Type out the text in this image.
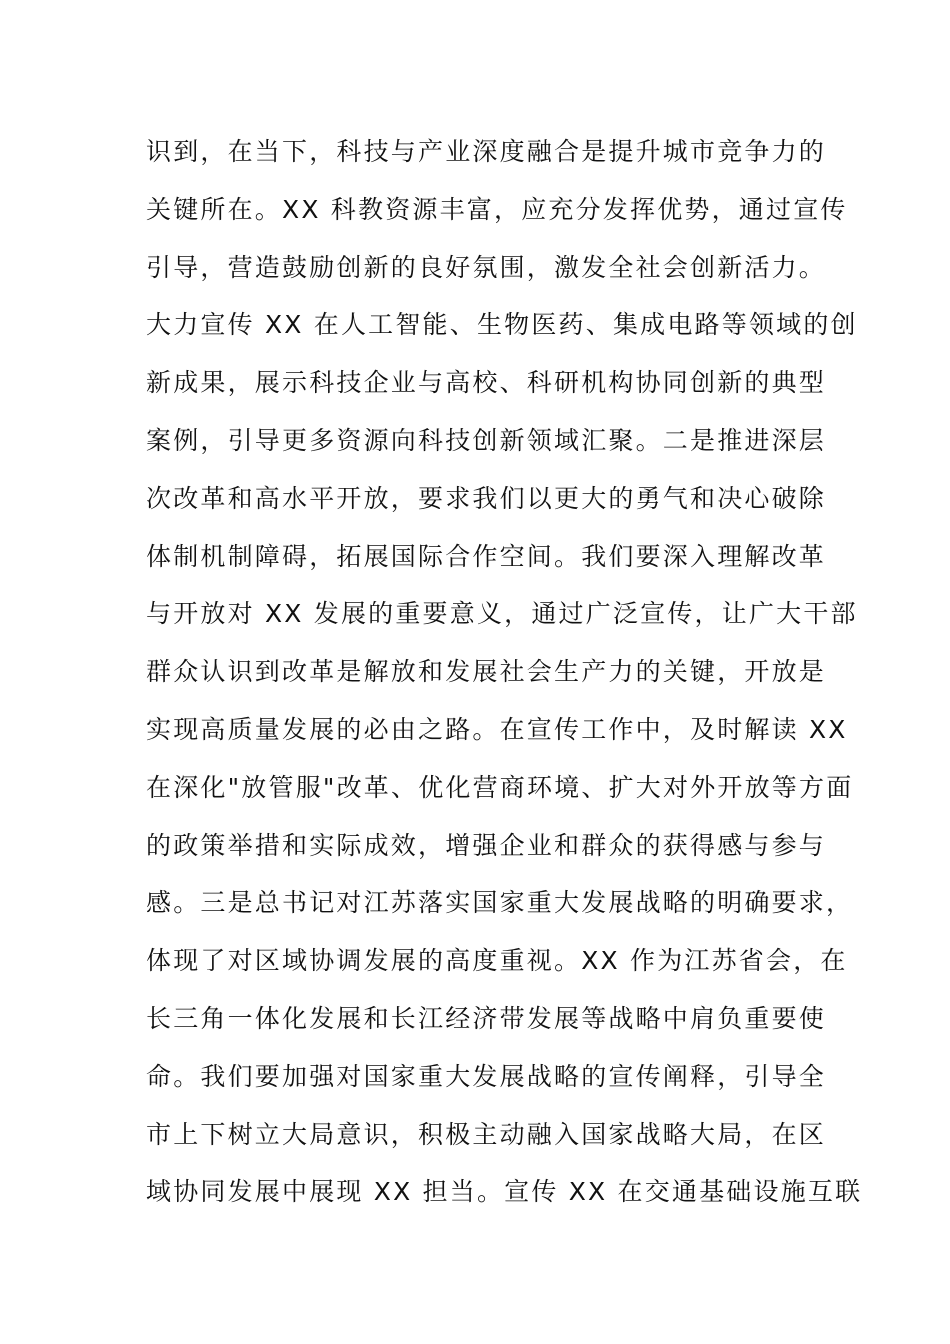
识到，在当下，科技与产业深度融合是提升城市竞争力的
关键所在。XX 科教资源丰富，应充分发挥优势，通过宣传
引导，营造鼓励创新的良好氛围，激发全社会创新活力。
大力宣传 XX 在人工智能、生物医药、集成电路等领域的创
新成果，展示科技企业与高校、科研机构协同创新的典型
案例，引导更多资源向科技创新领域汇聚。二是推进深层
次改革和高水平开放，要求我们以更大的勇气和决心破除
体制机制障碍，拓展国际合作空间。我们要深入理解改革
与开放对 XX 发展的重要意义，通过广泛宣传，让广大干部
群众认识到改革是解放和发展社会生产力的关键，开放是
实现高质量发展的必由之路。在宣传工作中，及时解读 XX
在深化"放管服"改革、优化营商环境、扩大对外开放等方面
的政策举措和实际成效，增强企业和群众的获得感与参与
感。三是总书记对江苏落实国家重大发展战略的明确要求，
体现了对区域协调发展的高度重视。XX 作为江苏省会，在
长三角一体化发展和长江经济带发展等战略中肩负重要使
命。我们要加强对国家重大发展战略的宣传阐释，引导全
市上下树立大局意识，积极主动融入国家战略大局，在区
域协同发展中展现 XX 担当。宣传 XX 在交通基础设施互联
